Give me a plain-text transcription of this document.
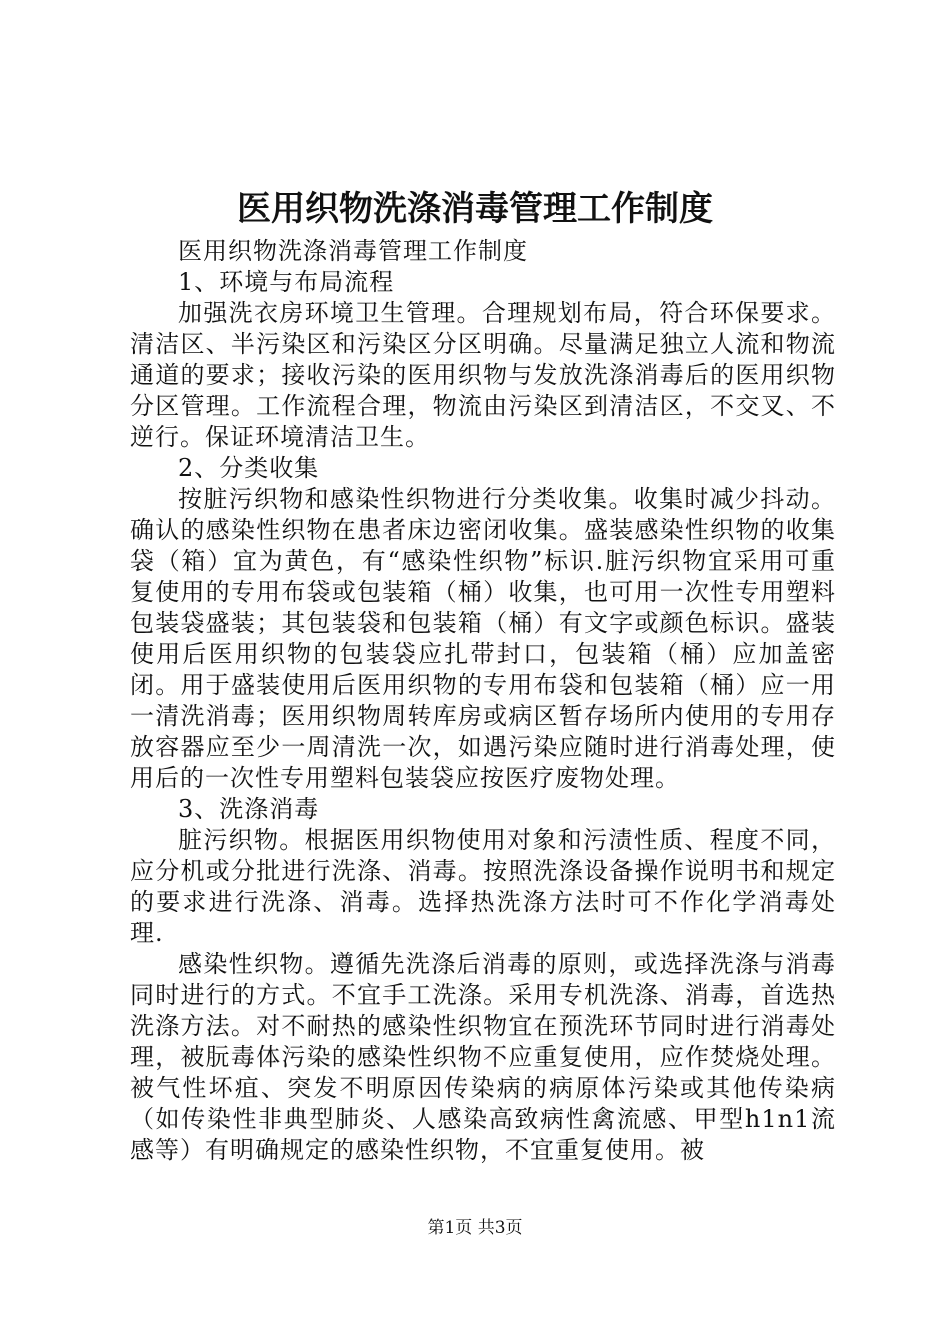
医用织物洗涤消毒管理工作制度

医用织物洗涤消毒管理工作制度

1、环境与布局流程

加强洗衣房环境卫生管理。合理规划布局，符合环保要求。清洁区、半污染区和污染区分区明确。尽量满足独立人流和物流通道的要求；接收污染的医用织物与发放洗涤消毒后的医用织物分区管理。工作流程合理，物流由污染区到清洁区，不交叉、不逆行。保证环境清洁卫生。

2、分类收集

按脏污织物和感染性织物进行分类收集。收集时减少抖动。确认的感染性织物在患者床边密闭收集。盛装感染性织物的收集袋（箱）宜为黄色，有“感染性织物”标识.脏污织物宜采用可重复使用的专用布袋或包装箱（桶）收集，也可用一次性专用塑料包装袋盛装；其包装袋和包装箱（桶）有文字或颜色标识。盛装使用后医用织物的包装袋应扎带封口，包装箱（桶）应加盖密闭。用于盛装使用后医用织物的专用布袋和包装箱（桶）应一用一清洗消毒；医用织物周转库房或病区暂存场所内使用的专用存放容器应至少一周清洗一次，如遇污染应随时进行消毒处理，使用后的一次性专用塑料包装袋应按医疗废物处理。

3、洗涤消毒

脏污织物。根据医用织物使用对象和污渍性质、程度不同，应分机或分批进行洗涤、消毒。按照洗涤设备操作说明书和规定的要求进行洗涤、消毒。选择热洗涤方法时可不作化学消毒处理.

感染性织物。遵循先洗涤后消毒的原则，或选择洗涤与消毒同时进行的方式。不宜手工洗涤。采用专机洗涤、消毒，首选热洗涤方法。对不耐热的感染性织物宜在预洗环节同时进行消毒处理，被朊毒体污染的感染性织物不应重复使用，应作焚烧处理。被气性坏疽、突发不明原因传染病的病原体污染或其他传染病（如传染性非典型肺炎、人感染高致病性禽流感、甲型h1n1流感等）有明确规定的感染性织物，不宜重复使用。被

第1页 共3页
